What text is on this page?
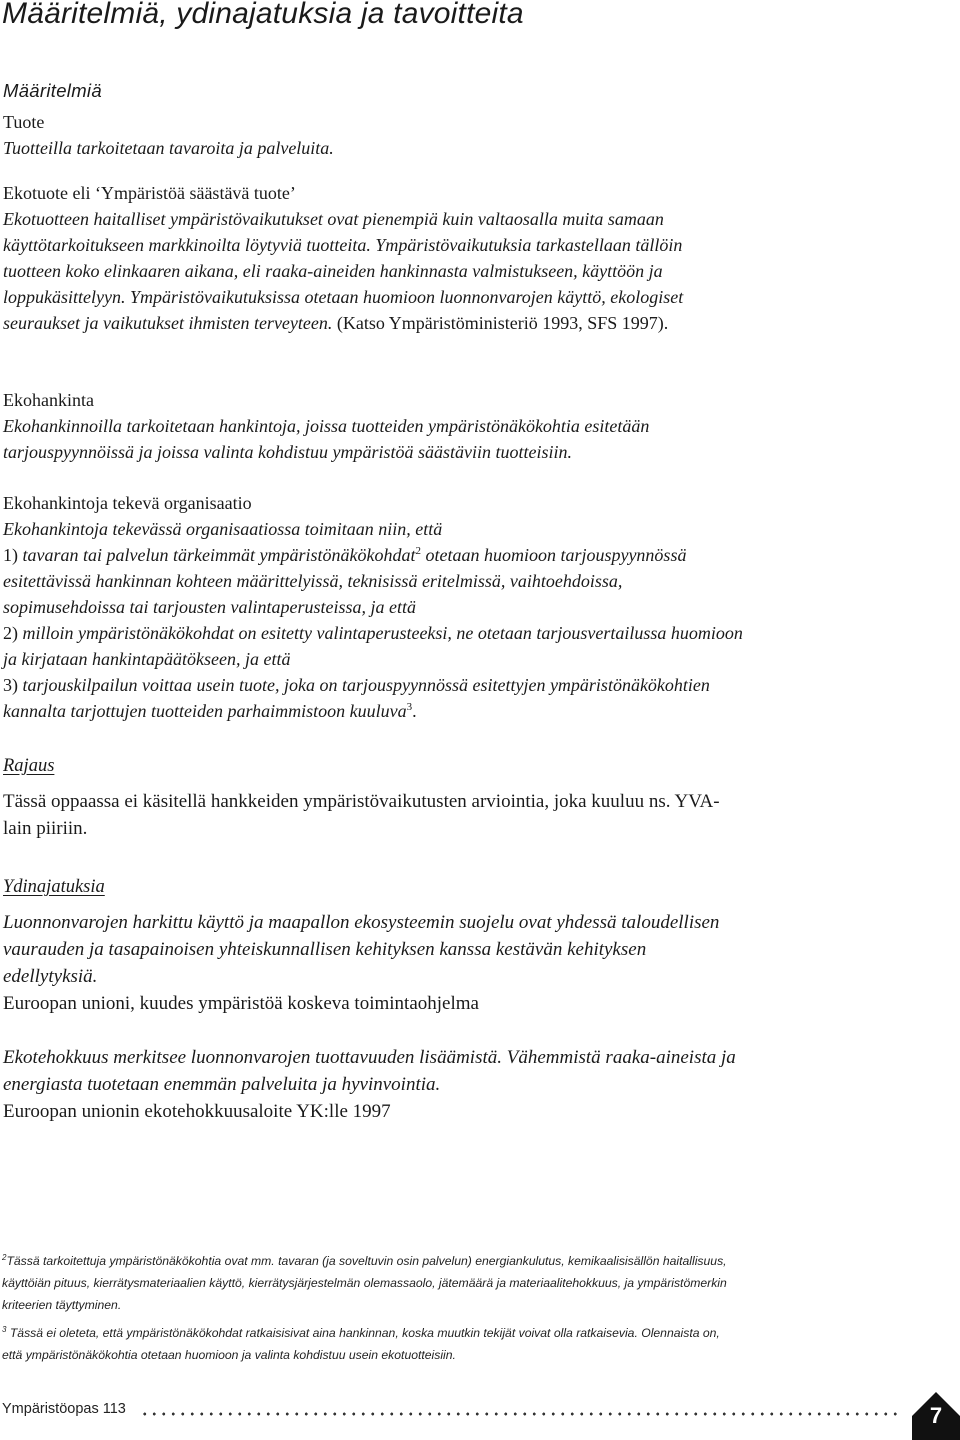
Määritelmiä, ydinajatuksia ja tavoitteita

Määritelmiä

Tuote

Tuotteilla tarkoitetaan tavaroita ja palveluita.

Ekotuote eli ‘Ympäristöä säästävä tuote’

Ekotuotteen haitalliset ympäristövaikutukset ovat pienempiä kuin valtaosalla muita samaan käyttötarkoitukseen markkinoilta löytyviä tuotteita. Ympäristövaikutuksia tarkastellaan tällöin tuotteen koko elinkaaren aikana, eli raaka-aineiden hankinnasta valmistukseen, käyttöön ja loppukäsittelyyn. Ympäristövaikutuksissa otetaan huomioon luonnonvarojen käyttö, ekologiset seuraukset ja vaikutukset ihmisten terveyteen. (Katso Ympäristöministeriö 1993, SFS 1997).

Ekohankinta

Ekohankinnoilla tarkoitetaan hankintoja, joissa tuotteiden ympäristönäkökohtia esitetään tarjouspyynnöissä ja joissa valinta kohdistuu ympäristöä säästäviin tuotteisiin.

Ekohankintoja tekevä organisaatio

Ekohankintoja tekevässä organisaatiossa toimitaan niin, että

1) tavaran tai palvelun tärkeimmät ympäristönäkökohdat$^2$ otetaan huomioon tarjouspyynnössä esitettävissä hankinnan kohteen määrittelyissä, teknisissä eritelmissä, vaihtoehdoissa, sopimusehdoissa tai tarjousten valintaperusteissa, ja että

2) milloin ympäristönäkökohdat on esitetty valintaperusteeksi, ne otetaan tarjousvertailussa huomioon ja kirjataan hankintapäätökseen, ja että

3) tarjouskilpailun voittaa usein tuote, joka on tarjouspyynnössä esitettyjen ympäristönäkökohtien kannalta tarjottujen tuotteiden parhaimmistoon kuuluva$^3$.

Rajaus

Tässä oppaassa ei käsitellä hankkeiden ympäristövaikutusten arviointia, joka kuuluu ns. YVA-lain piiriin.

Ydinajatuksia

Luonnonvarojen harkittu käyttö ja maapallon ekosysteemin suojelu ovat yhdessä taloudellisen vaurauden ja tasapainoisen yhteiskunnallisen kehityksen kanssa kestävän kehityksen edellytyksiä.

Euroopan unioni, kuudes ympäristöä koskeva toimintaohjelma

Ekotehokkuus merkitsee luonnonvarojen tuottavuuden lisäämistä. Vähemmistä raaka-aineista ja energiasta tuotetaan enemmän palveluita ja hyvinvointia.

Euroopan unionin ekotehokkuusaloite YK:lle 1997

$^2$Tässä tarkoitettuja ympäristönäkökohtia ovat mm. tavaran (ja soveltuvin osin palvelun) energiankulutus, kemikaalisisällön haitallisuus, käyttöiän pituus, kierrätysmateriaalien käyttö, kierrätysjärjestelmän olemassaolo, jätemäärä ja materiaalitehokkuus, ja ympäristömerkin kriteerien täyttyminen.

$^3$ Tässä ei oleteta, että ympäristönäkökohdat ratkaisisivat aina hankinnan, koska muutkin tekijät voivat olla ratkaisevia. Olennaista on, että ympäristönäkökohtia otetaan huomioon ja valinta kohdistuu usein ekotuotteisiin.

Ympäristöopas 113	7
